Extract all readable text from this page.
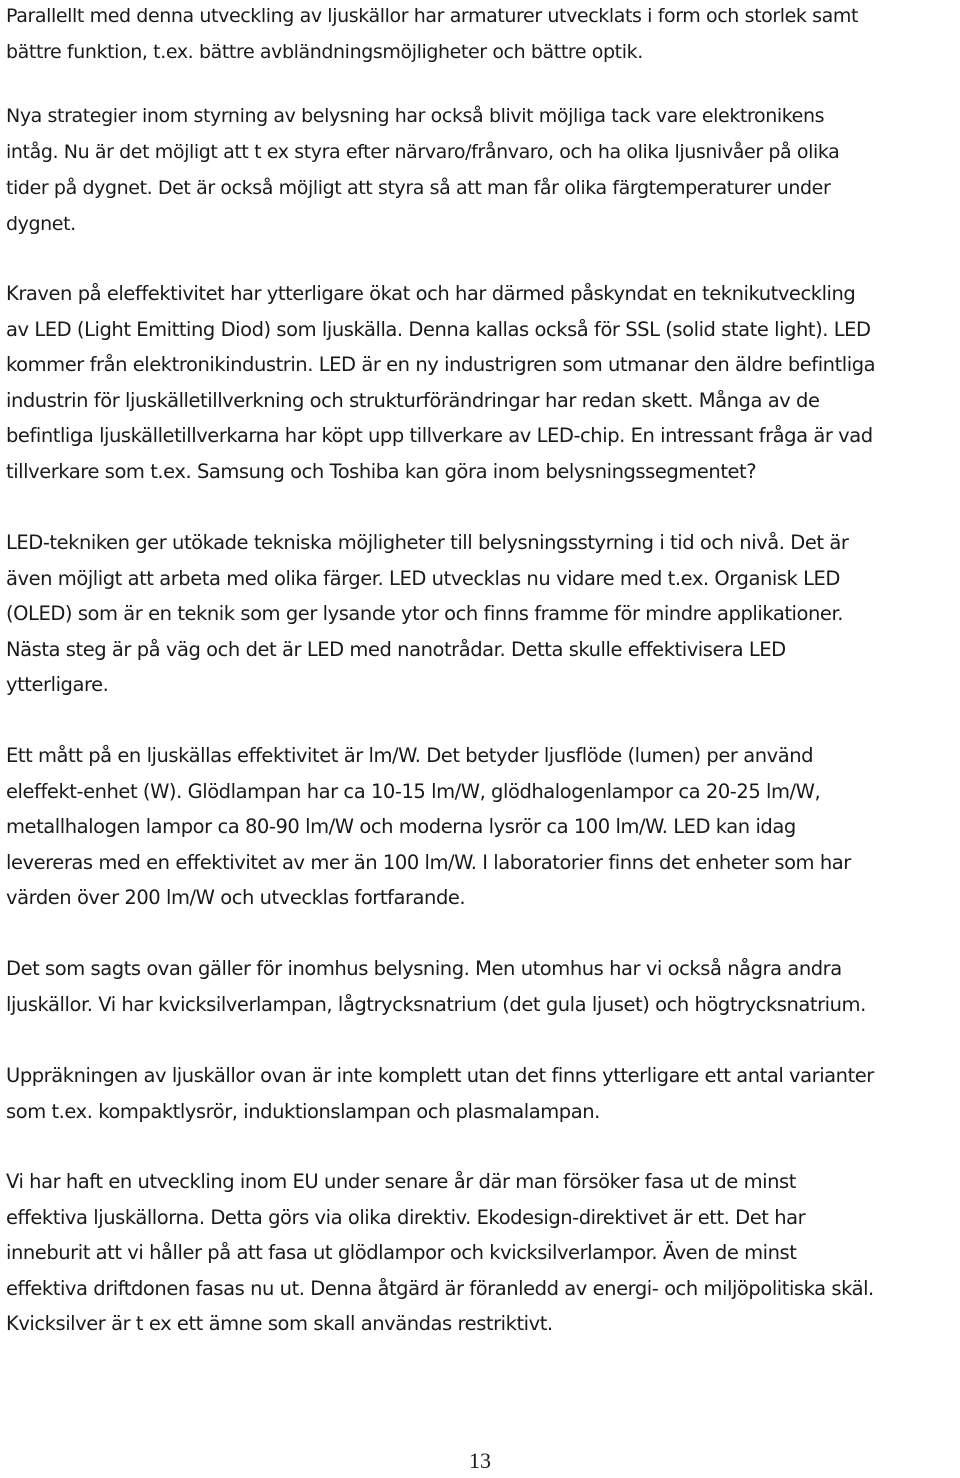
Parallellt med denna utveckling av ljuskällor har armaturer utvecklats i form och storlek samt
bättre funktion, t.ex. bättre avbländningsmöjligheter och bättre optik.

Nya strategier inom styrning av belysning har också blivit möjliga tack vare elektronikens
intåg. Nu är det möjligt att t ex styra efter närvaro/frånvaro, och ha olika ljusnivåer på olika
tider på dygnet. Det är också möjligt att styra så att man får olika färgtemperaturer under
dygnet.

Kraven på eleffektivitet har ytterligare ökat och har därmed påskyndat en teknikutveckling
av LED (Light Emitting Diod) som ljuskälla. Denna kallas också för SSL (solid state light). LED
kommer från elektronikindustrin. LED är en ny industrigren som utmanar den äldre befintliga
industrin för ljuskälletillverkning och strukturförändringar har redan skett. Många av de
befintliga ljuskälletillverkarna har köpt upp tillverkare av LED-chip. En intressant fråga är vad
tillverkare som t.ex. Samsung och Toshiba kan göra inom belysningssegmentet?

LED-tekniken ger utökade tekniska möjligheter till belysningsstyrning i tid och nivå. Det är
även möjligt att arbeta med olika färger. LED utvecklas nu vidare med t.ex. Organisk LED
(OLED) som är en teknik som ger lysande ytor och finns framme för mindre applikationer.
Nästa steg är på väg och det är LED med nanotrådar. Detta skulle effektivisera LED
ytterligare.

Ett mått på en ljuskällas effektivitet är lm/W. Det betyder ljusflöde (lumen) per använd
eleffekt-enhet (W). Glödlampan har ca 10-15 lm/W, glödhalogenlampor ca 20-25 lm/W,
metallhalogen lampor ca 80-90 lm/W och moderna lysrör ca 100 lm/W. LED kan idag
levereras med en effektivitet av mer än 100 lm/W. I laboratorier finns det enheter som har
värden över 200 lm/W och utvecklas fortfarande.

Det som sagts ovan gäller för inomhus belysning. Men utomhus har vi också några andra
ljuskällor. Vi har kvicksilverlampan, lågtrycksnatrium (det gula ljuset) och högtrycksnatrium.

Uppräkningen av ljuskällor ovan är inte komplett utan det finns ytterligare ett antal varianter
som t.ex. kompaktlysrör, induktionslampan och plasmalampan.

Vi har haft en utveckling inom EU under senare år där man försöker fasa ut de minst
effektiva ljuskällorna. Detta görs via olika direktiv. Ekodesign-direktivet är ett. Det har
inneburit att vi håller på att fasa ut glödlampor och kvicksilverlampor. Även de minst
effektiva driftdonen fasas nu ut. Denna åtgärd är föranledd av energi- och miljöpolitiska skäl.
Kvicksilver är t ex ett ämne som skall användas restriktivt.

13
